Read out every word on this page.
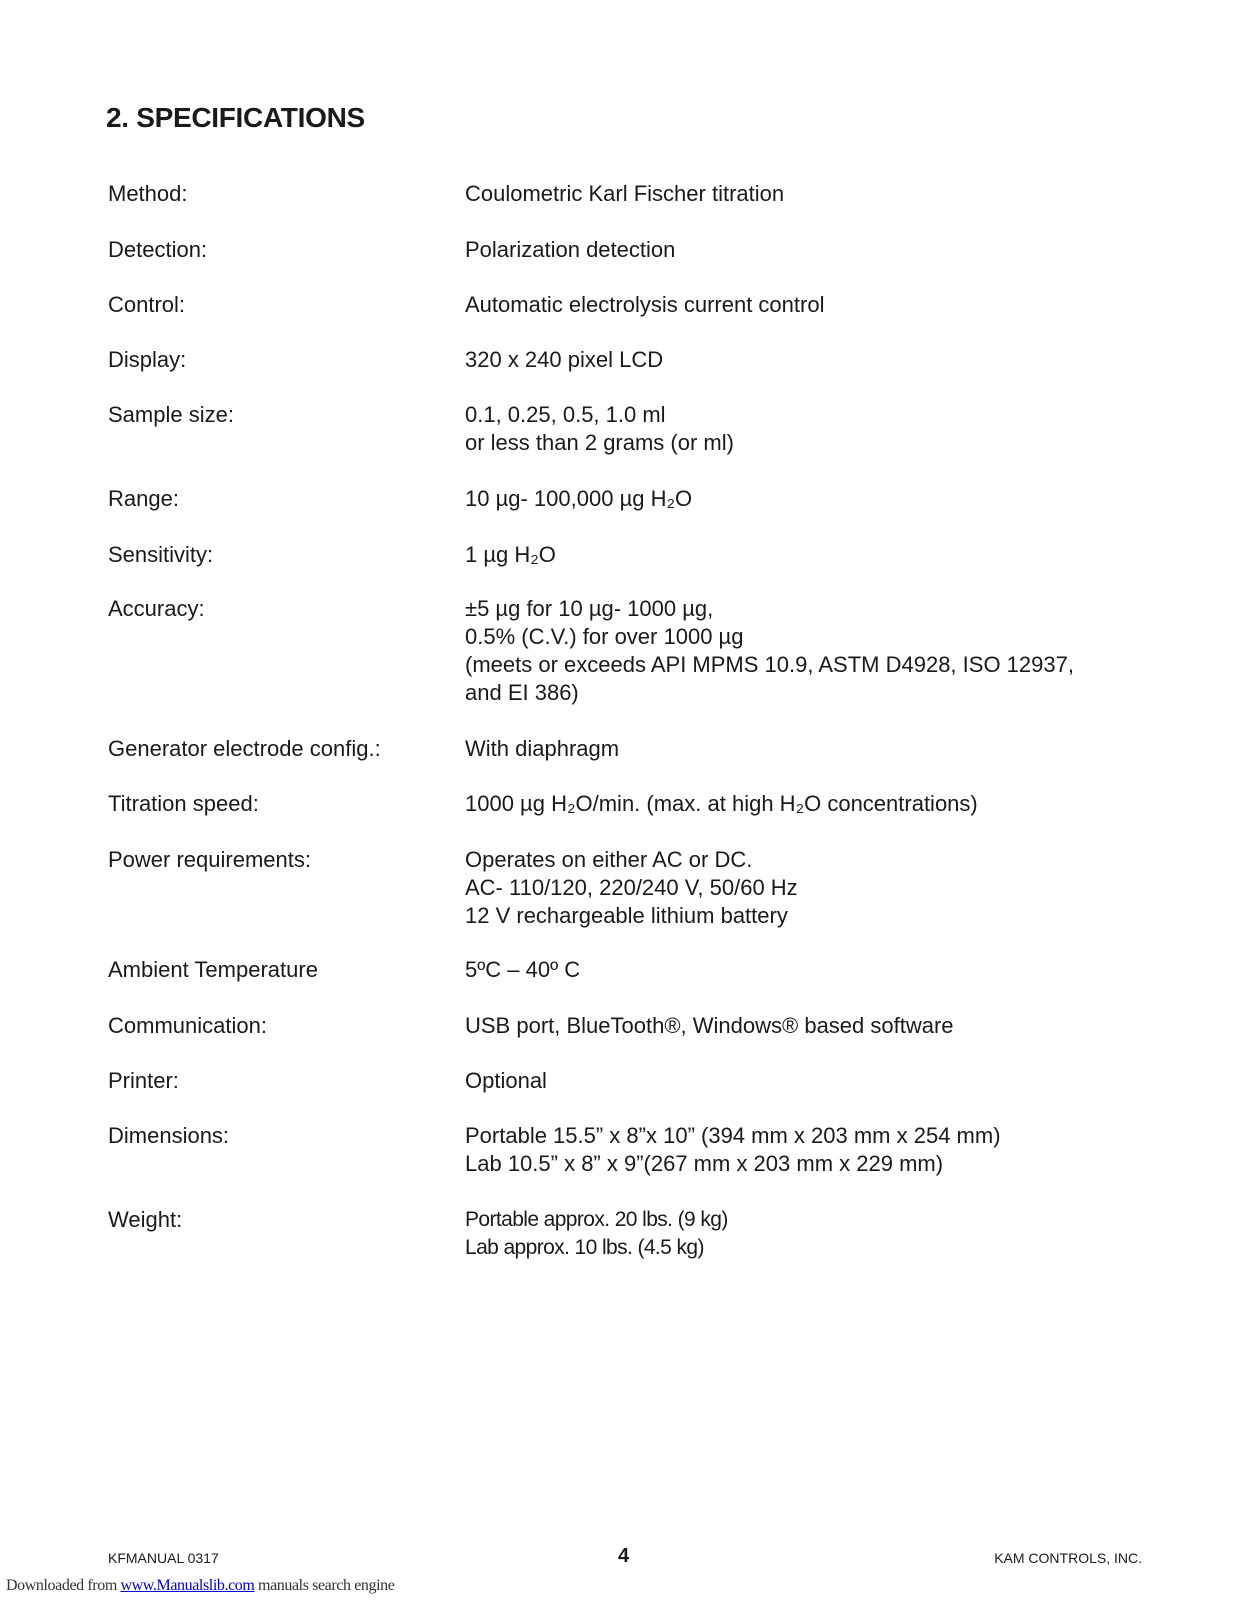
2. SPECIFICATIONS
Method:	Coulometric Karl Fischer titration
Detection:	Polarization detection
Control:	Automatic electrolysis current control
Display:	320 x 240 pixel LCD
Sample size:	0.1, 0.25, 0.5, 1.0 ml
or less than 2 grams (or ml)
Range:	10 µg- 100,000 µg H₂O
Sensitivity:	1 µg H₂O
Accuracy:	±5 µg for 10 µg- 1000 µg,
0.5% (C.V.) for over 1000 µg
(meets or exceeds API MPMS 10.9, ASTM D4928, ISO 12937,
and EI 386)
Generator electrode config.:	With diaphragm
Titration speed:	1000 µg H₂O/min. (max. at high H₂O concentrations)
Power requirements:	Operates on either AC or DC.
AC- 110/120, 220/240 V, 50/60 Hz
12 V rechargeable lithium battery
Ambient Temperature	5ºC – 40º C
Communication:	USB port, BlueTooth®, Windows® based software
Printer:	Optional
Dimensions:	Portable 15.5” x 8”x 10” (394 mm x 203 mm x 254 mm)
Lab 10.5” x 8” x 9”(267 mm x 203 mm x 229 mm)
Weight:	Portable approx. 20 lbs. (9 kg)
Lab approx. 10 lbs. (4.5 kg)
KFMANUAL 0317	4	KAM CONTROLS, INC.
Downloaded from www.Manualslib.com manuals search engine
